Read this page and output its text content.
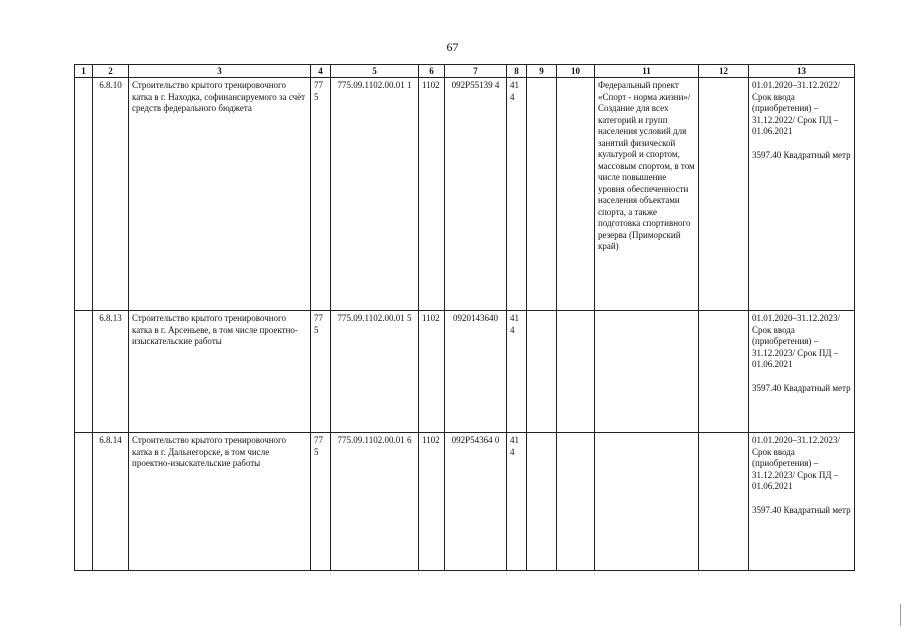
67
1	2	3	4	5	6	7	8	9	10	11	12	13
	6.8.10	Строительство крытого тренировочного катка в г. Находка, софинансируемого за счёт средств федерального бюджета	775	775.09.1102.00.01 1	1102	092P55139 4	41 4			Федеральный проект «Спорт - норма жизни»/Создание для всех категорий и групп населения условий для занятий физической культурой и спортом, массовым спортом, в том числе повышение уровня обеспеченности населения объектами спорта, а также подготовка спортивного резерва (Приморский край)		01.01.2020–31.12.2022/ Срок ввода (приобретения) – 31.12.2022/ Срок ПД – 01.06.2021

3597.40 Квадратный метр

	6.8.13	Строительство крытого тренировочного катка в г. Арсеньеве, в том числе проектно-изыскательские работы	775	775.09.1102.00.01 5	1102	0920143640	41 4					01.01.2020–31.12.2023/ Срок ввода (приобретения) – 31.12.2023/ Срок ПД – 01.06.2021

3597.40 Квадратный метр

	6.8.14	Строительство крытого тренировочного катка в г. Дальнегорске, в том числе проектно-изыскательские работы	775	775.09.1102.00.01 6	1102	092P54364 0	41 4					01.01.2020–31.12.2023/ Срок ввода (приобретения) – 31.12.2023/ Срок ПД – 01.06.2021

3597.40 Квадратный метр
